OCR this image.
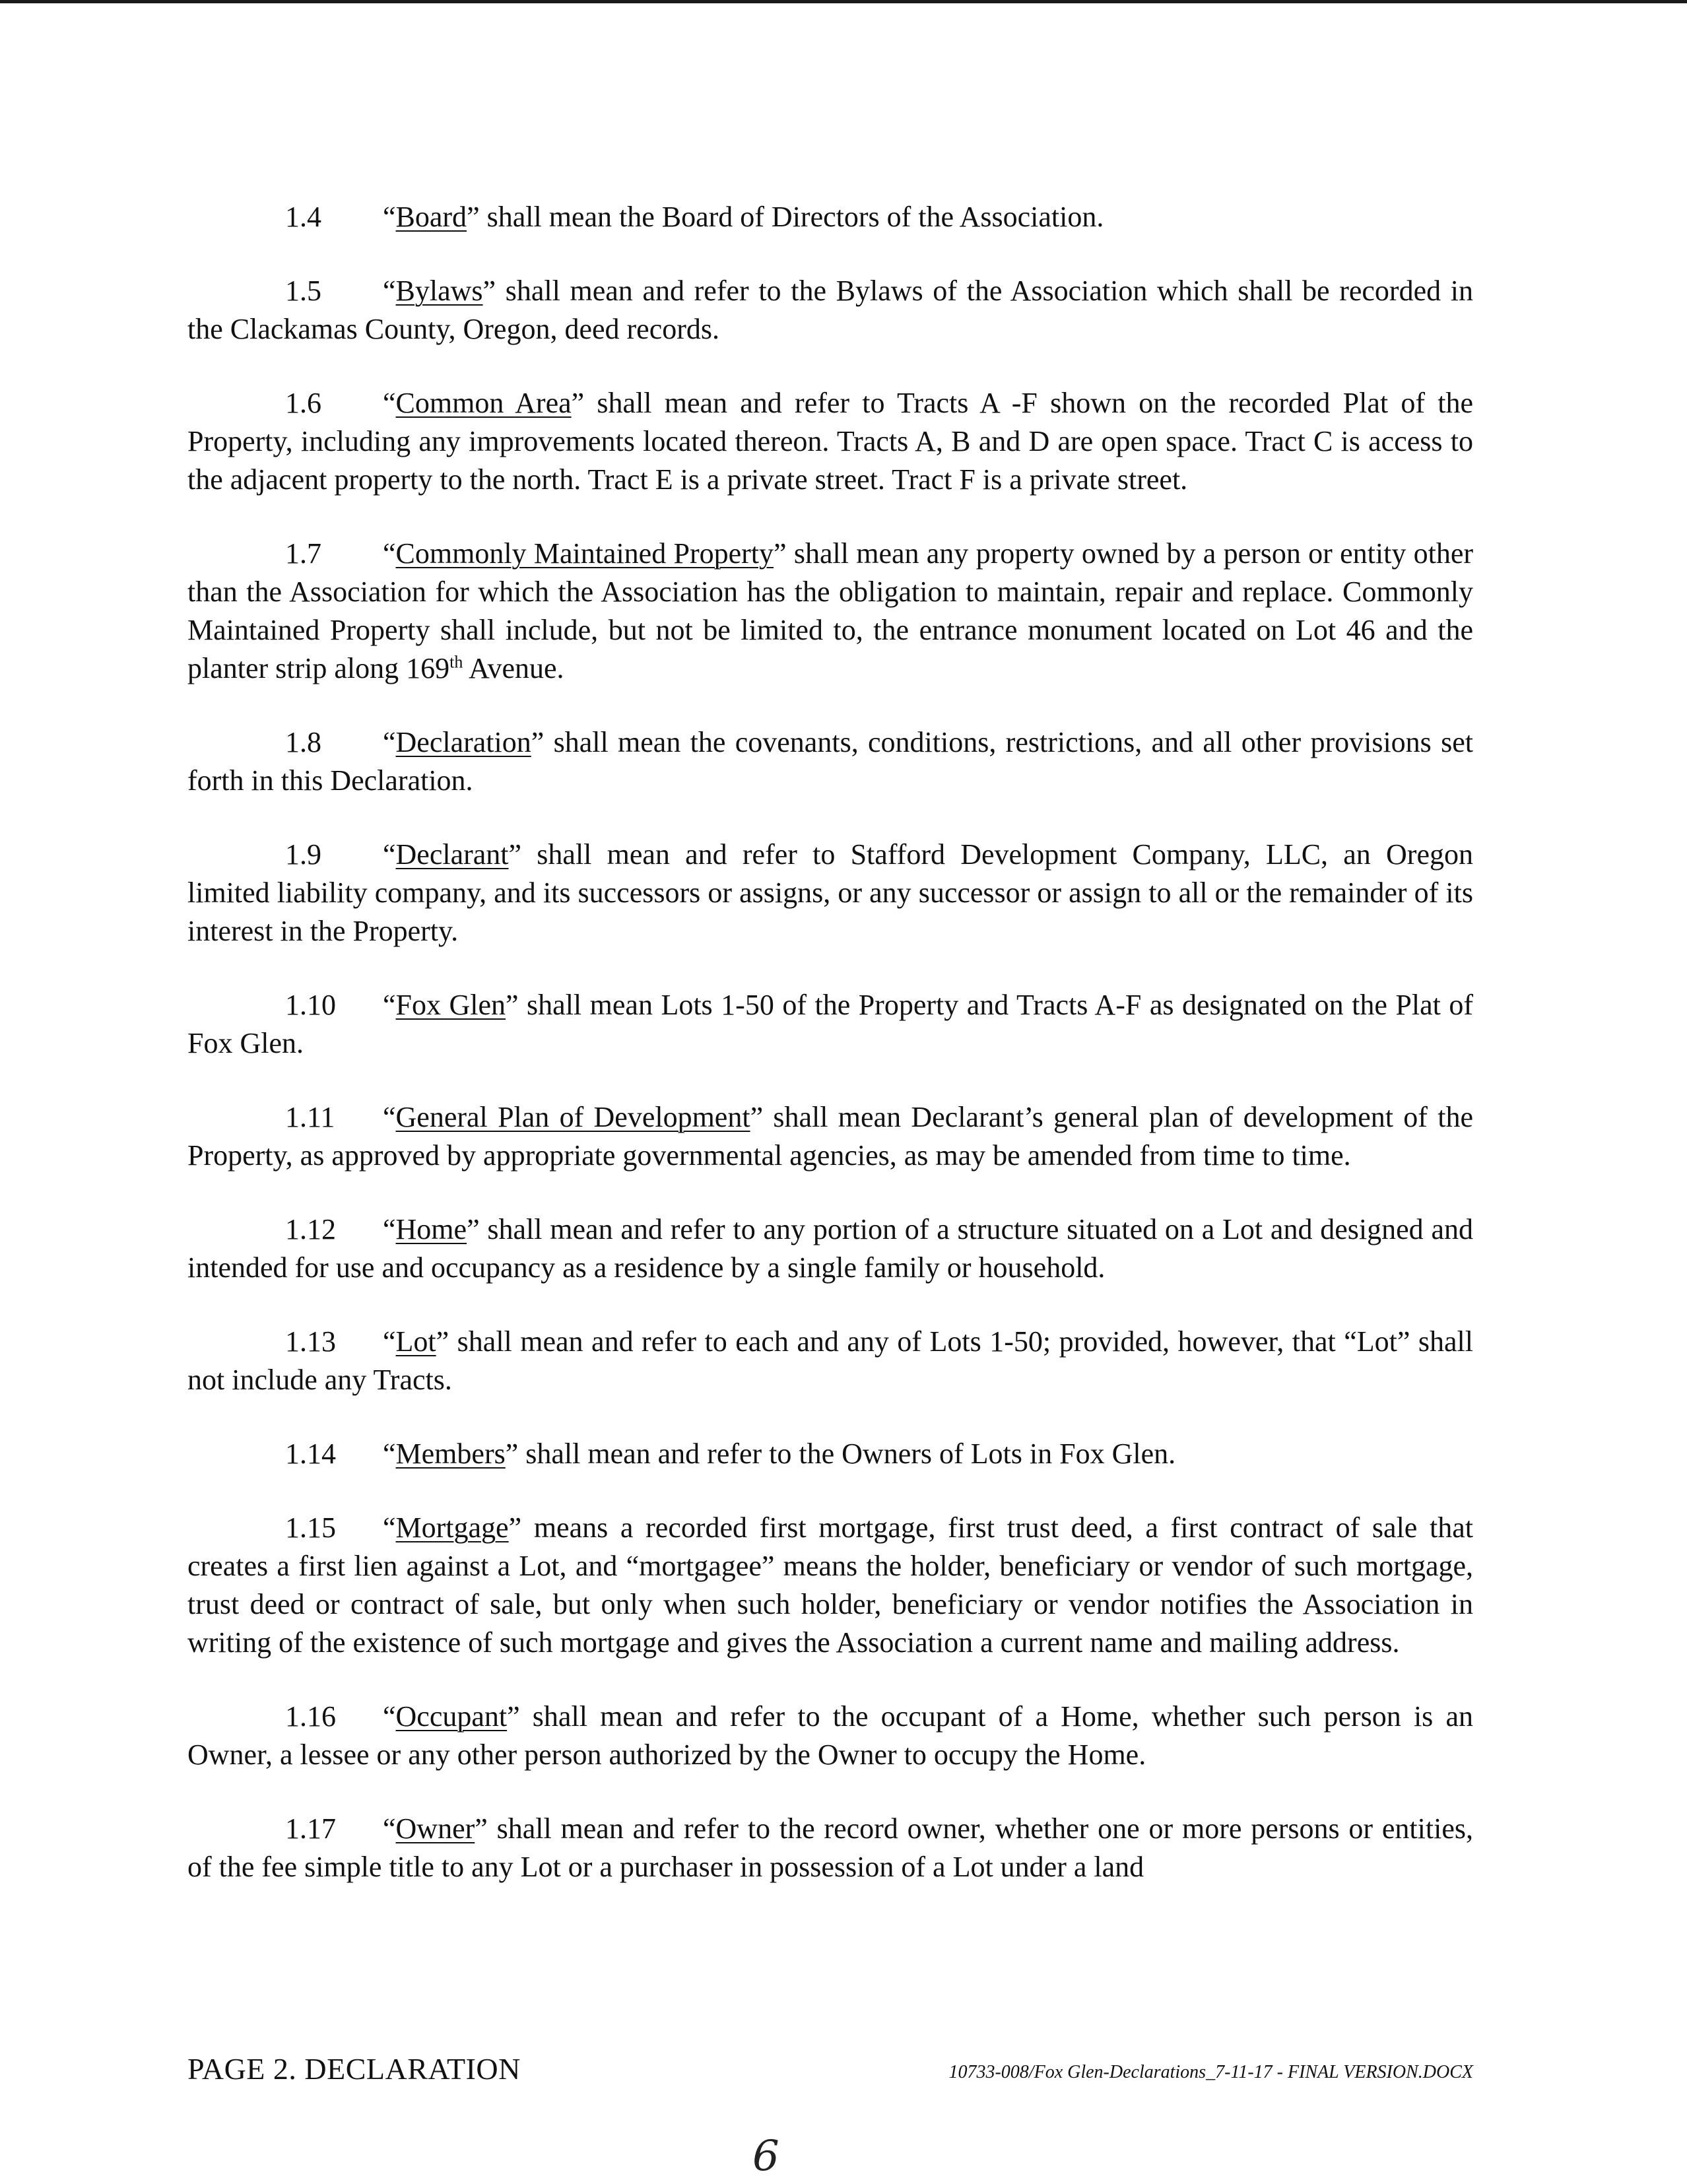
1.4 “Board” shall mean the Board of Directors of the Association.

1.5 “Bylaws” shall mean and refer to the Bylaws of the Association which shall be recorded in the Clackamas County, Oregon, deed records.

1.6 “Common Area” shall mean and refer to Tracts A -F shown on the recorded Plat of the Property, including any improvements located thereon. Tracts A, B and D are open space. Tract C is access to the adjacent property to the north. Tract E is a private street. Tract F is a private street.

1.7 “Commonly Maintained Property” shall mean any property owned by a person or entity other than the Association for which the Association has the obligation to maintain, repair and replace. Commonly Maintained Property shall include, but not be limited to, the entrance monument located on Lot 46 and the planter strip along 169th Avenue.

1.8 “Declaration” shall mean the covenants, conditions, restrictions, and all other provisions set forth in this Declaration.

1.9 “Declarant” shall mean and refer to Stafford Development Company, LLC, an Oregon limited liability company, and its successors or assigns, or any successor or assign to all or the remainder of its interest in the Property.

1.10 “Fox Glen” shall mean Lots 1-50 of the Property and Tracts A-F as designated on the Plat of Fox Glen.

1.11 “General Plan of Development” shall mean Declarant’s general plan of development of the Property, as approved by appropriate governmental agencies, as may be amended from time to time.

1.12 “Home” shall mean and refer to any portion of a structure situated on a Lot and designed and intended for use and occupancy as a residence by a single family or household.

1.13 “Lot” shall mean and refer to each and any of Lots 1-50; provided, however, that “Lot” shall not include any Tracts.

1.14 “Members” shall mean and refer to the Owners of Lots in Fox Glen.

1.15 “Mortgage” means a recorded first mortgage, first trust deed, a first contract of sale that creates a first lien against a Lot, and “mortgagee” means the holder, beneficiary or vendor of such mortgage, trust deed or contract of sale, but only when such holder, beneficiary or vendor notifies the Association in writing of the existence of such mortgage and gives the Association a current name and mailing address.

1.16 “Occupant” shall mean and refer to the occupant of a Home, whether such person is an Owner, a lessee or any other person authorized by the Owner to occupy the Home.

1.17 “Owner” shall mean and refer to the record owner, whether one or more persons or entities, of the fee simple title to any Lot or a purchaser in possession of a Lot under a land

PAGE 2. DECLARATION	10733-008/Fox Glen-Declarations_7-11-17 - FINAL VERSION.DOCX
6
